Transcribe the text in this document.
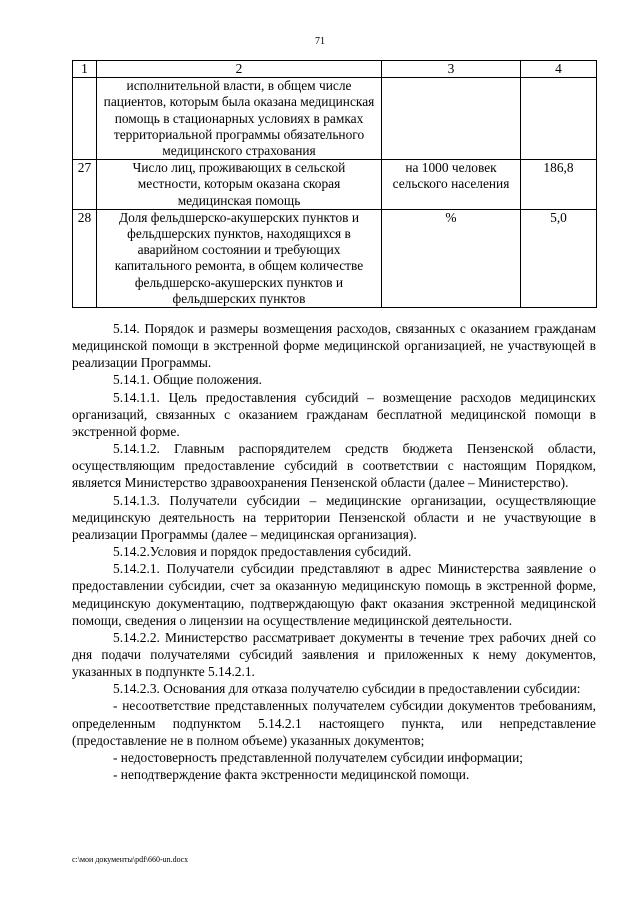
71
1	2	3	4
	исполнительной власти, в общем числе пациентов, которым была оказана медицинская помощь в стационарных условиях в рамках территориальной программы обязательного медицинского страхования		
27	Число лиц, проживающих в сельской местности, которым оказана скорая медицинская помощь	на 1000 человек сельского населения	186,8
28	Доля фельдшерско-акушерских пунктов и фельдшерских пунктов, находящихся в аварийном состоянии и требующих капитального ремонта, в общем количестве фельдшерско-акушерских пунктов и фельдшерских пунктов	%	5,0

5.14. Порядок и размеры возмещения расходов, связанных с оказанием гражданам медицинской помощи в экстренной форме медицинской организацией, не участвующей в реализации Программы.

5.14.1. Общие положения.

5.14.1.1. Цель предоставления субсидий – возмещение расходов медицинских организаций, связанных с оказанием гражданам бесплатной медицинской помощи в экстренной форме.

5.14.1.2. Главным распорядителем средств бюджета Пензенской области, осуществляющим предоставление субсидий в соответствии с настоящим Порядком, является Министерство здравоохранения Пензенской области (далее – Министерство).

5.14.1.3. Получатели субсидии – медицинские организации, осуществляющие медицинскую деятельность на территории Пензенской области и не участвующие в реализации Программы (далее – медицинская организация).

5.14.2.Условия и порядок предоставления субсидий.

5.14.2.1. Получатели субсидии представляют в адрес Министерства заявление о предоставлении субсидии, счет за оказанную медицинскую помощь в экстренной форме, медицинскую документацию, подтверждающую факт оказания экстренной медицинской помощи, сведения о лицензии на осуществление медицинской деятельности.

5.14.2.2. Министерство рассматривает документы в течение трех рабочих дней со дня подачи получателями субсидий заявления и приложенных к нему документов, указанных в подпункте 5.14.2.1.

5.14.2.3. Основания для отказа получателю субсидии в предоставлении субсидии:

- несоответствие представленных получателем субсидии документов требованиям, определенным подпунктом 5.14.2.1 настоящего пункта, или непредставление (предоставление не в полном объеме) указанных документов;

- недостоверность представленной получателем субсидии информации;

- неподтверждение факта экстренности медицинской помощи.

c:\мои документы\pdf\660-un.docx
